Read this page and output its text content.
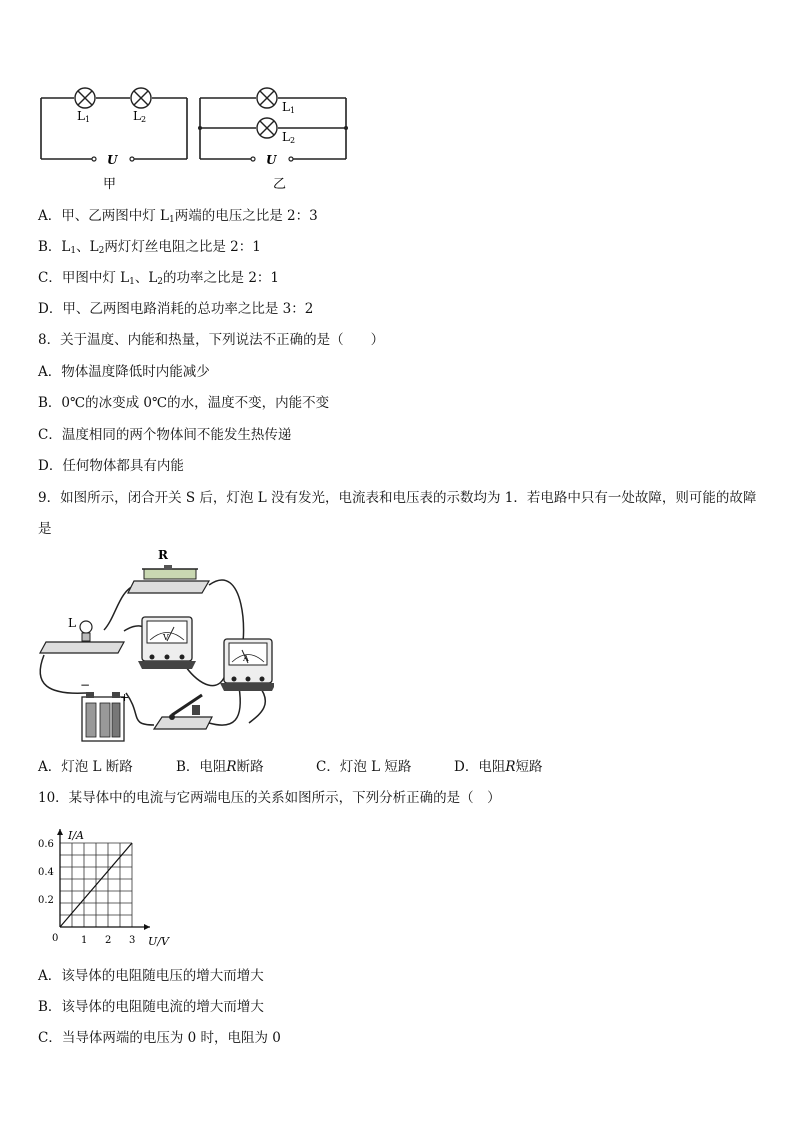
L1	L2
U
甲
L1
L2
U
乙
A．甲、乙两图中灯 $L_1$两端的电压之比是 2：3
B．$L_1$、$L_2$两灯灯丝电阻之比是 2：1
C．甲图中灯 $L_1$、$L_2$的功率之比是 2：1
D．甲、乙两图电路消耗的总功率之比是 3：2
8．关于温度、内能和热量，下列说法不正确的是（　　）
A．物体温度降低时内能减少
B．0℃的冰变成 0℃的水，温度不变，内能不变
C．温度相同的两个物体间不能发生热传递
D．任何物体都具有内能
9．如图所示，闭合开关 S 后，灯泡 L 没有发光，电流表和电压表的示数均为 1．若电路中只有一处故障，则可能的故障是
R
L
V
A
−
+
A．灯泡 L 断路	B．电阻R断路	C．灯泡 L 短路	D．电阻R短路
10．某导体中的电流与它两端电压的关系如图所示，下列分析正确的是（　）
1 2 3
0.2
0.4
0.6
0
I/A
U/V
A．该导体的电阻随电压的增大而增大
B．该导体的电阻随电流的增大而增大
C．当导体两端的电压为 0 时，电阻为 0
